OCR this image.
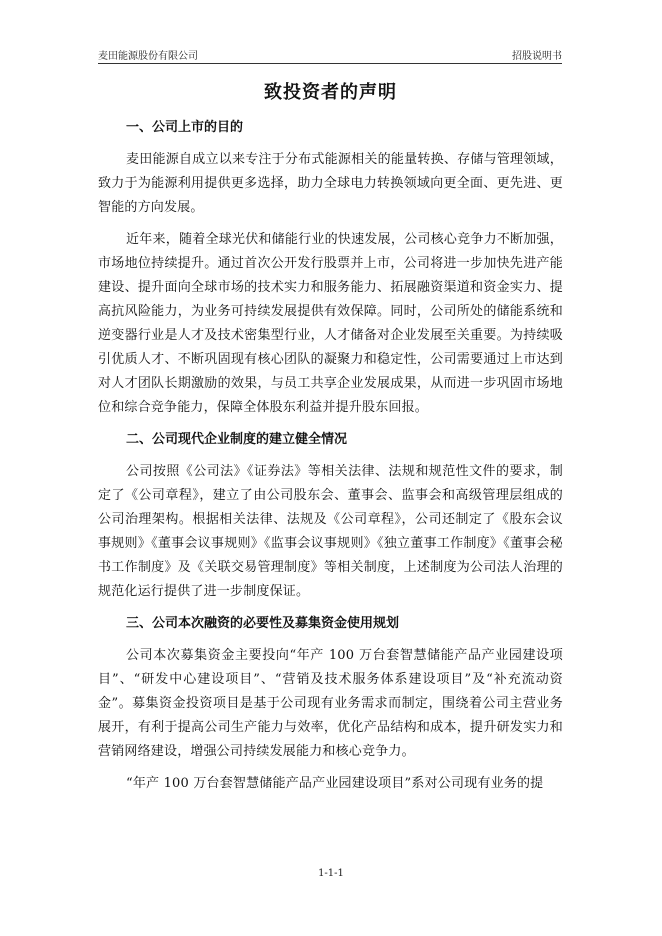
麦田能源股份有限公司	招股说明书
致投资者的声明
一、公司上市的目的

麦田能源自成立以来专注于分布式能源相关的能量转换、存储与管理领域，致力于为能源利用提供更多选择，助力全球电力转换领域向更全面、更先进、更智能的方向发展。

近年来，随着全球光伏和储能行业的快速发展，公司核心竞争力不断加强，市场地位持续提升。通过首次公开发行股票并上市，公司将进一步加快先进产能建设、提升面向全球市场的技术实力和服务能力、拓展融资渠道和资金实力、提高抗风险能力，为业务可持续发展提供有效保障。同时，公司所处的储能系统和逆变器行业是人才及技术密集型行业，人才储备对企业发展至关重要。为持续吸引优质人才、不断巩固现有核心团队的凝聚力和稳定性，公司需要通过上市达到对人才团队长期激励的效果，与员工共享企业发展成果，从而进一步巩固市场地位和综合竞争能力，保障全体股东利益并提升股东回报。

二、公司现代企业制度的建立健全情况

公司按照《公司法》《证券法》等相关法律、法规和规范性文件的要求，制定了《公司章程》，建立了由公司股东会、董事会、监事会和高级管理层组成的公司治理架构。根据相关法律、法规及《公司章程》，公司还制定了《股东会议事规则》《董事会议事规则》《监事会议事规则》《独立董事工作制度》《董事会秘书工作制度》及《关联交易管理制度》等相关制度，上述制度为公司法人治理的规范化运行提供了进一步制度保证。

三、公司本次融资的必要性及募集资金使用规划

公司本次募集资金主要投向“年产 100 万台套智慧储能产品产业园建设项目”、“研发中心建设项目”、“营销及技术服务体系建设项目”及“补充流动资金”。募集资金投资项目是基于公司现有业务需求而制定，围绕着公司主营业务展开，有利于提高公司生产能力与效率，优化产品结构和成本，提升研发实力和营销网络建设，增强公司持续发展能力和核心竞争力。

“年产 100 万台套智慧储能产品产业园建设项目”系对公司现有业务的提

1-1-1
